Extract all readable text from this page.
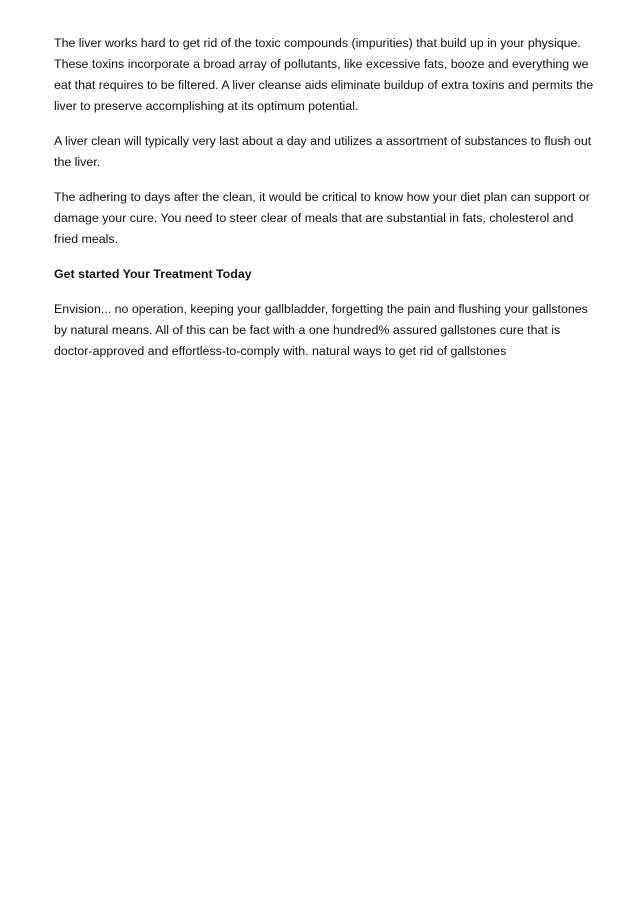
The liver works hard to get rid of the toxic compounds (impurities) that build up in your physique. These toxins incorporate a broad array of pollutants, like excessive fats, booze and everything we eat that requires to be filtered. A liver cleanse aids eliminate buildup of extra toxins and permits the liver to preserve accomplishing at its optimum potential.

A liver clean will typically very last about a day and utilizes a assortment of substances to flush out the liver.

The adhering to days after the clean, it would be critical to know how your diet plan can support or damage your cure. You need to steer clear of meals that are substantial in fats, cholesterol and fried meals.

Get started Your Treatment Today

Envision... no operation, keeping your gallbladder, forgetting the pain and flushing your gallstones by natural means. All of this can be fact with a one hundred% assured gallstones cure that is doctor-approved and effortless-to-comply with. natural ways to get rid of gallstones
